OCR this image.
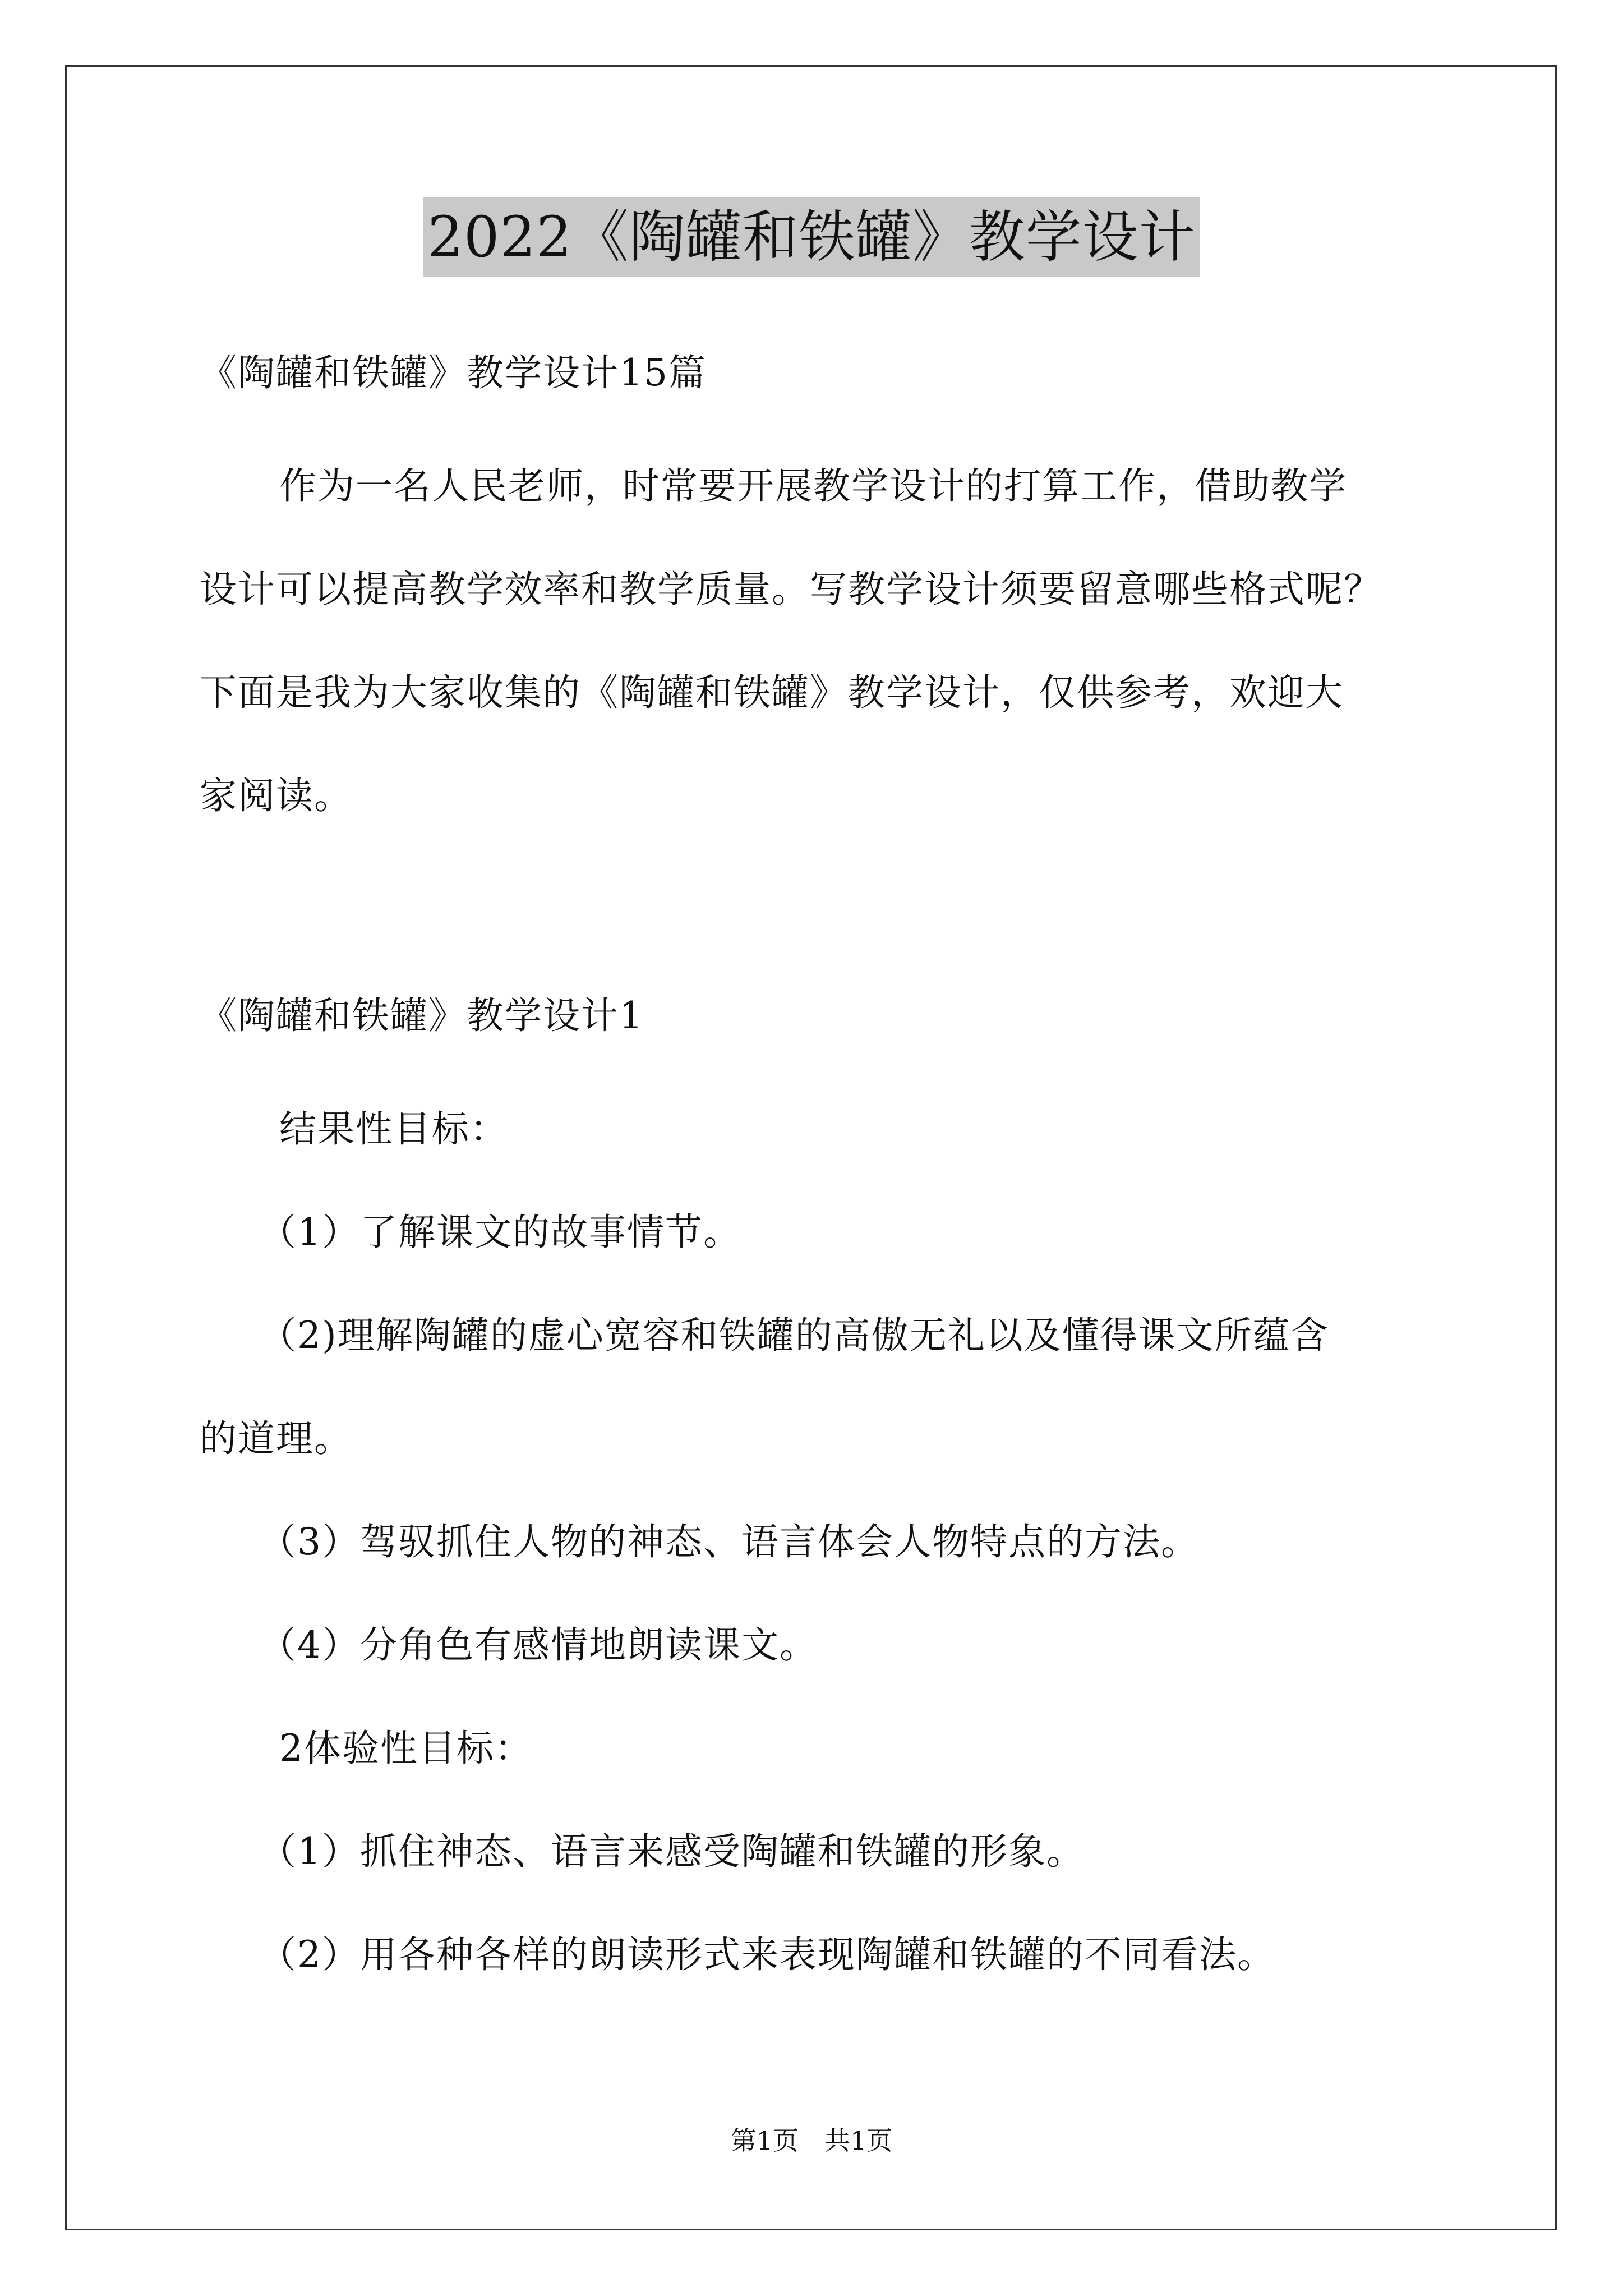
2022《陶罐和铁罐》教学设计
《陶罐和铁罐》教学设计15篇
作为一名人民老师，时常要开展教学设计的打算工作，借助教学
设计可以提高教学效率和教学质量。写教学设计须要留意哪些格式呢？
下面是我为大家收集的《陶罐和铁罐》教学设计，仅供参考，欢迎大
家阅读。
《陶罐和铁罐》教学设计1
结果性目标：
（1）了解课文的故事情节。
（2)理解陶罐的虚心宽容和铁罐的高傲无礼以及懂得课文所蕴含
的道理。
（3）驾驭抓住人物的神态、语言体会人物特点的方法。
（4）分角色有感情地朗读课文。
2体验性目标：
（1）抓住神态、语言来感受陶罐和铁罐的形象。
（2）用各种各样的朗读形式来表现陶罐和铁罐的不同看法。
第1页　共1页
